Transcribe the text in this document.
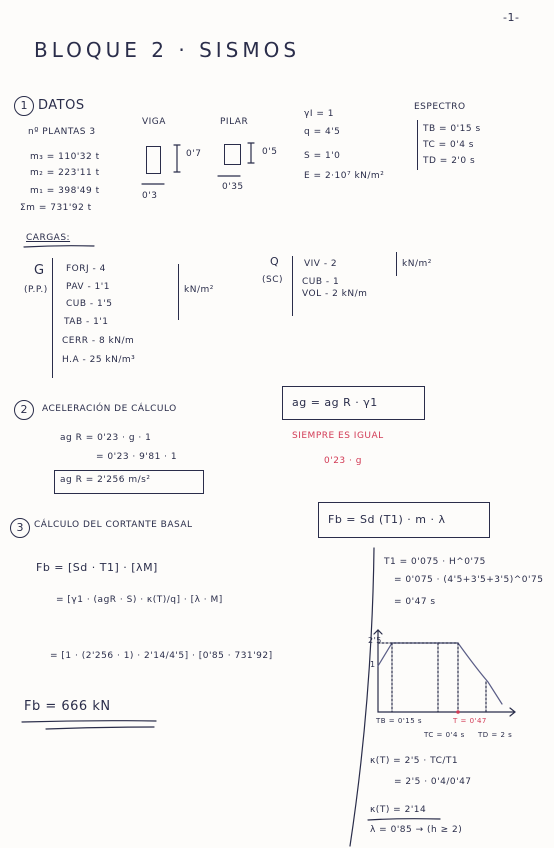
-1-
BLOQUE 2 · SISMOS
1 DATOS
nº PLANTAS 3
m₃ = 110'32 t
m₂ = 223'11 t
m₁ = 398'49 t
Σm = 731'92 t
VIGA
0'7
0'3
PILAR
0'5
0'35
γI = 1
q = 4'5
S = 1'0
E = 2·10⁷ kN/m²
ESPECTRO
TB = 0'15 s
TC = 0'4 s
TD = 2'0 s
CARGAS:
G
(P.P.)
FORJ - 4
PAV - 1'1
CUB - 1'5
TAB - 1'1
CERR - 8 kN/m
H.A - 25 kN/m³
kN/m²
Q
(SC)
VIV - 2
CUB - 1
VOL - 2 kN/m
kN/m²
2	ACELERACIÓN DE CÁLCULO	ag = ag R · γ1
ag R = 0'23 · g · 1
= 0'23 · 9'81 · 1
ag R = 2'256 m/s²
SIEMPRE ES IGUAL
0'23 · g
3	CÁLCULO DEL CORTANTE BASAL	Fb = Sd (T1) · m · λ
Fb = [Sd · T1] · [λM]
= [γ1 · (agR · S) · κ(T)/q] · [λ · M]
= [1 · (2'256 · 1) · 2'14/4'5] · [0'85 · 731'92]
Fb = 666 kN
T1 = 0'075 · H^0'75
= 0'075 · (4'5+3'5+3'5)^0'75
= 0'47 s
2'5
1
TB = 0'15 s
TC = 0'4 s
T = 0'47
TD = 2 s
κ(T) = 2'5 · TC/T1
= 2'5 · 0'4/0'47
κ(T) = 2'14
λ = 0'85 → (h ≥ 2)
